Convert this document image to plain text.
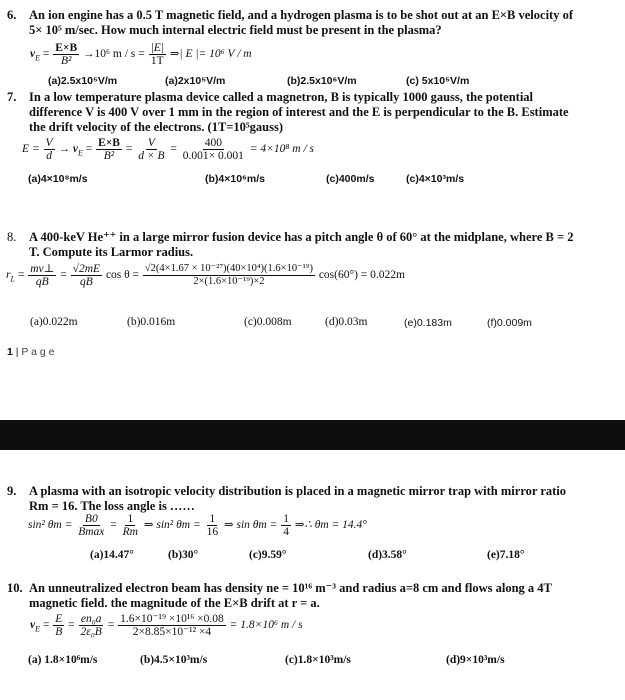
6. An ion engine has a 0.5 T magnetic field, and a hydrogen plasma is to be shot out at an E×B velocity of
5× 10⁵ m/sec. How much internal electric field must be present in the plasma?
$v_E = \frac{E\times B}{\text{B²}} \to 10^6$ $m / s = \frac{|E|}{1T}$ ⇒| E |= 10⁶ V / m
(a)2.5x10⁵V/m	(a)2x10⁵V/m	(b)2.5x10⁶V/m	(c) 5x10⁵V/m
7. In a low temperature plasma device called a magnetron, B is typically 1000 gauss, the potential
difference V is 400 V over 1 mm in the region of interest and the E is perpendicular to the B. Estimate
the drift velocity of the electrons. (1T=10⁵gauss)
$E = \frac{V}{d} \to v_E = \frac{E\times B}{\text{B²}} = \frac{V}{d \times B} = \frac{400}{0.001\times 0.001} = 4\times 10^8$ m / s
(a)4×10⁸m/s	(b)4×10⁶m/s	(c)400m/s	(c)4×10³m/s
8. A 400-keV He⁺⁺ in a large mirror fusion device has a pitch angle θ of 60° at the midplane, where B = 2
T. Compute its Larmor radius.
$r_L = \frac{mv\perp}{qB} = \frac{√2mE}{qB}$ $\cos \theta = \frac{\text{√2(4×1.67 × 10⁻²⁷)(40×10⁴)(1.6×10⁻¹⁹)}}{\text{2×(1.6×10⁻¹⁹)×2}} \cos(60^\circ) = 0.022m$
(a)0.022m	(b)0.016m	(c)0.008m	(d)0.03m	(e)0.183m	(f)0.009m
1 | P a g e
9. A plasma with an isotropic velocity distribution is placed in a magnetic mirror trap with mirror ratio
Rm = 16. The loss angle is ……
sin² $\theta m = \frac{B0}{Bmax} = \frac{1}{Rm}$ ⇒ sin² $\theta m = \frac{1}{16}$ ⇒ $\sin \theta m = \frac{1}{4}$ ⇒∴ θm = 14.4°
(a)14.47°	(b)30°	(c)9.59°	(d)3.58°	(e)7.18°
10. An unneutralized electron beam has density ne = 10¹⁶ m⁻³ and radius a=8 cm and flows along a 4T
magnetic field. the magnitude of the E×B drift at r = a.
$v_E = \frac{E}{B} = \frac{\text{en₀a}}{\text{2ε₀B}} = \frac{\text{1.6×10⁻¹⁹ ×10¹⁶ ×0.08}}{\text{2×8.85×10⁻¹² ×4}} = 1.8\times 10^6$ m / s
(a) 1.8×10⁶m/s	(b)4.5×10³m/s	(c)1.8×10³m/s	(d)9×10³m/s
